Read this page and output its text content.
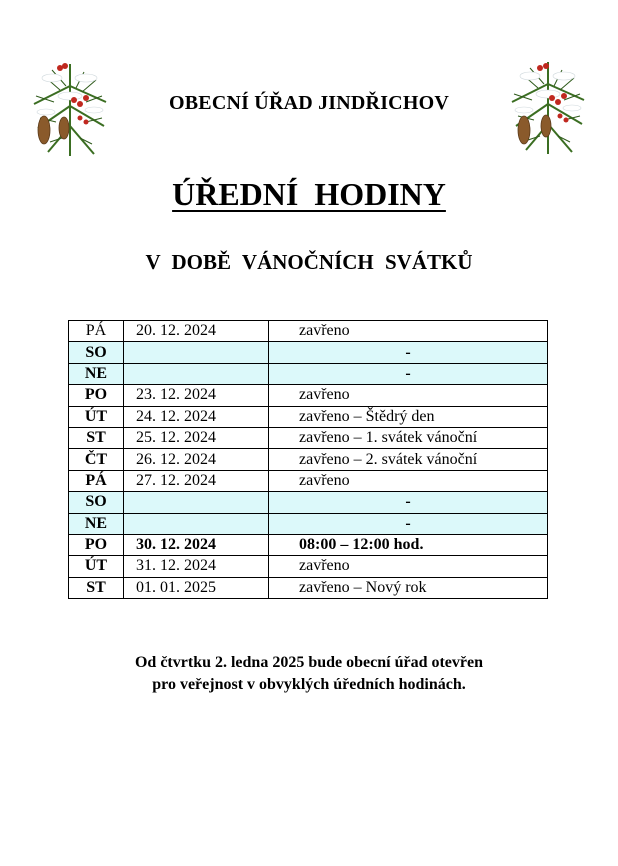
OBECNÍ ÚŘAD JINDŘICHOV
ÚŘEDNÍ HODINY
V DOBĚ VÁNOČNÍCH SVÁTKŮ
PÁ	20. 12. 2024	zavřeno
SO		-
NE		-
PO	23. 12. 2024	zavřeno
ÚT	24. 12. 2024	zavřeno – Štědrý den
ST	25. 12. 2024	zavřeno – 1. svátek vánoční
ČT	26. 12. 2024	zavřeno – 2. svátek vánoční
PÁ	27. 12. 2024	zavřeno
SO		-
NE		-
PO	30. 12. 2024	08:00 – 12:00 hod.
ÚT	31. 12. 2024	zavřeno
ST	01. 01. 2025	zavřeno – Nový rok
Od čtvrtku 2. ledna 2025 bude obecní úřad otevřen
pro veřejnost v obvyklých úředních hodinách.
